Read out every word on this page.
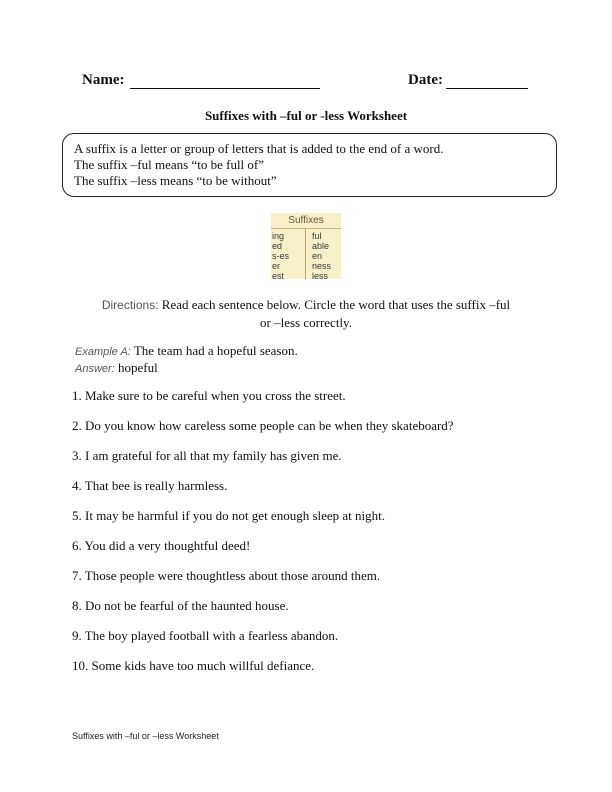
Name:	Date:
Suffixes with –ful or -less Worksheet
A suffix is a letter or group of letters that is added to the end of a word.
The suffix –ful means “to be full of”
The suffix –less means “to be without”
Suffixes
ing
ed
s-es
er
est
ful
able
en
ness
less
Directions: Read each sentence below. Circle the word that uses the suffix –ful
or –less correctly.
Example A: The team had a hopeful season.
Answer: hopeful
1. Make sure to be careful when you cross the street.
2. Do you know how careless some people can be when they skateboard?
3. I am grateful for all that my family has given me.
4. That bee is really harmless.
5. It may be harmful if you do not get enough sleep at night.
6. You did a very thoughtful deed!
7. Those people were thoughtless about those around them.
8. Do not be fearful of the haunted house.
9. The boy played football with a fearless abandon.
10. Some kids have too much willful defiance.
Suffixes with –ful or –less Worksheet
